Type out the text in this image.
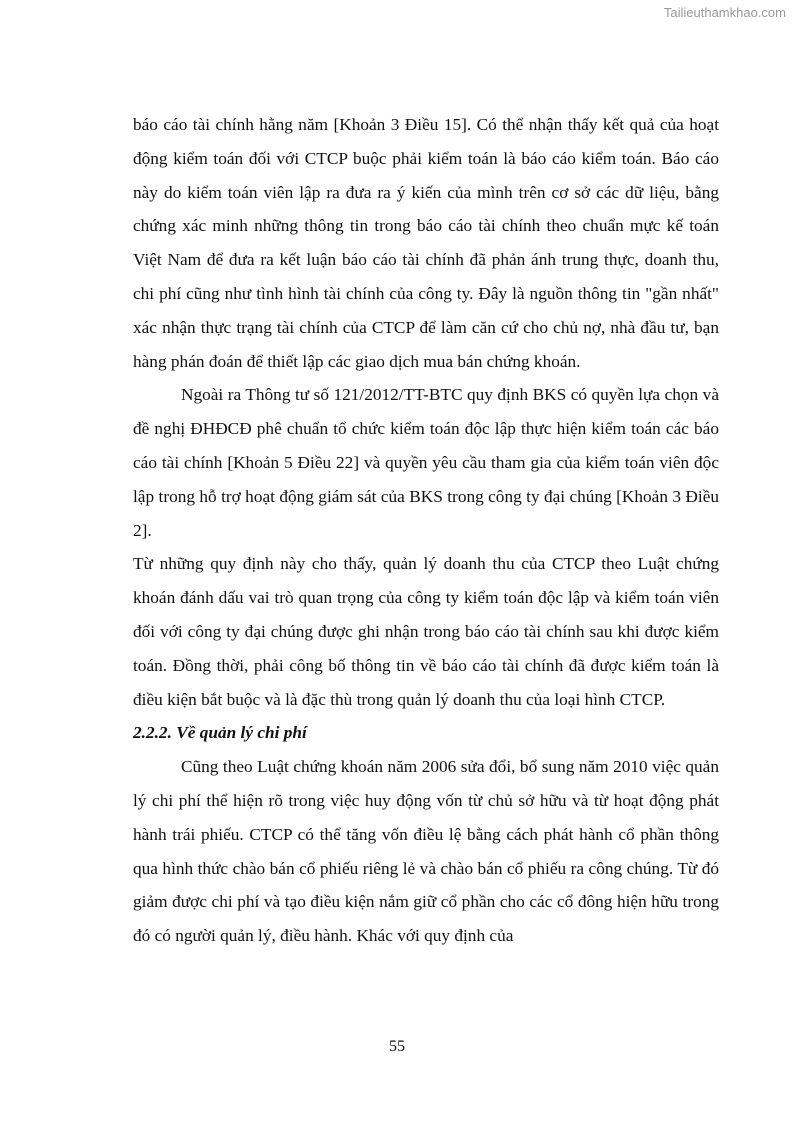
Tailieuthamkhao.com

báo cáo tài chính hằng năm [Khoản 3 Điều 15]. Có thể nhận thấy kết quả của hoạt động kiểm toán đối với CTCP buộc phải kiểm toán là báo cáo kiểm toán. Báo cáo này do kiểm toán viên lập ra đưa ra ý kiến của mình trên cơ sở các dữ liệu, bằng chứng xác minh những thông tin trong báo cáo tài chính theo chuẩn mực kế toán Việt Nam để đưa ra kết luận báo cáo tài chính đã phản ánh trung thực, doanh thu, chi phí cũng như tình hình tài chính của công ty. Đây là nguồn thông tin "gần nhất" xác nhận thực trạng tài chính của CTCP để làm căn cứ cho chủ nợ, nhà đầu tư, bạn hàng phán đoán để thiết lập các giao dịch mua bán chứng khoán.

Ngoài ra Thông tư số 121/2012/TT-BTC quy định BKS có quyền lựa chọn và đề nghị ĐHĐCĐ phê chuẩn tổ chức kiểm toán độc lập thực hiện kiểm toán các báo cáo tài chính [Khoản 5 Điều 22] và quyền yêu cầu tham gia của kiểm toán viên độc lập trong hỗ trợ hoạt động giám sát của BKS trong công ty đại chúng [Khoản 3 Điều 2].

Từ những quy định này cho thấy, quản lý doanh thu của CTCP theo Luật chứng khoán đánh dấu vai trò quan trọng của công ty kiểm toán độc lập và kiểm toán viên đối với công ty đại chúng được ghi nhận trong báo cáo tài chính sau khi được kiểm toán. Đồng thời, phải công bố thông tin về báo cáo tài chính đã được kiểm toán là điều kiện bắt buộc và là đặc thù trong quản lý doanh thu của loại hình CTCP.

2.2.2. Về quản lý chi phí

Cũng theo Luật chứng khoán năm 2006 sửa đổi, bổ sung năm 2010 việc quản lý chi phí thể hiện rõ trong việc huy động vốn từ chủ sở hữu và từ hoạt động phát hành trái phiếu. CTCP có thể tăng vốn điều lệ bằng cách phát hành cổ phần thông qua hình thức chào bán cổ phiếu riêng lẻ và chào bán cổ phiếu ra công chúng. Từ đó giảm được chi phí và tạo điều kiện nắm giữ cổ phần cho các cổ đông hiện hữu trong đó có người quản lý, điều hành. Khác với quy định của

55
